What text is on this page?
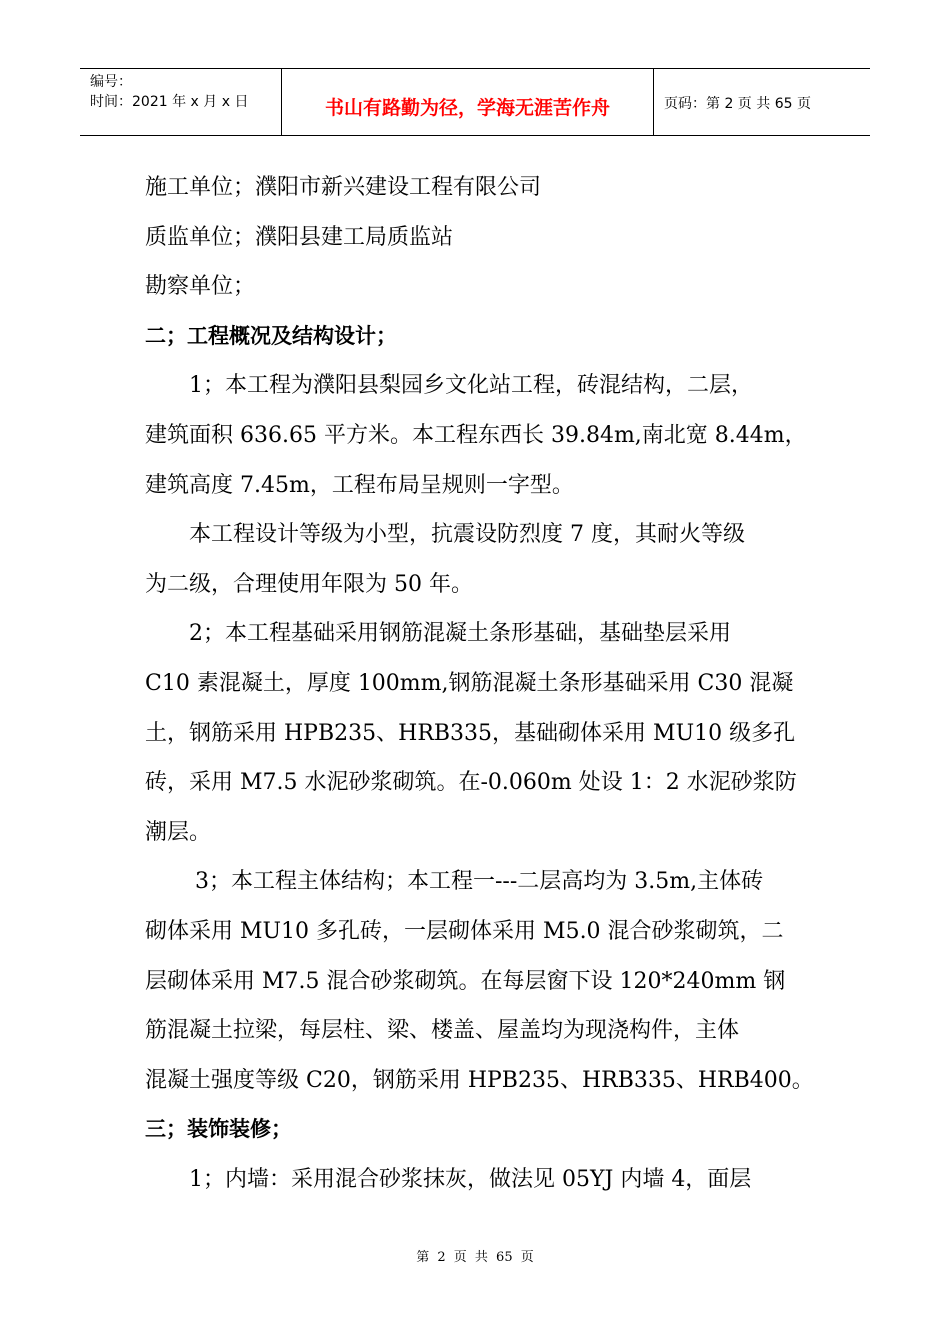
编号：
时间：2021 年 x 月 x 日	书山有路勤为径，学海无涯苦作舟	页码：第 2 页 共 65 页
施工单位；濮阳市新兴建设工程有限公司
质监单位；濮阳县建工局质监站
勘察单位；
二；工程概况及结构设计；
1；本工程为濮阳县梨园乡文化站工程，砖混结构，二层，
建筑面积 636.65 平方米。本工程东西长 39.84m,南北宽 8.44m，
建筑高度 7.45m，工程布局呈规则一字型。
本工程设计等级为小型，抗震设防烈度 7 度，其耐火等级
为二级，合理使用年限为 50 年。
2；本工程基础采用钢筋混凝土条形基础，基础垫层采用
C10 素混凝土，厚度 100mm,钢筋混凝土条形基础采用 C30 混凝
土，钢筋采用 HPB235、HRB335，基础砌体采用 MU10 级多孔
砖，采用 M7.5 水泥砂浆砌筑。在-0.060m 处设 1：2 水泥砂浆防
潮层。
3；本工程主体结构；本工程一---二层高均为 3.5m,主体砖
砌体采用 MU10 多孔砖，一层砌体采用 M5.0 混合砂浆砌筑，二
层砌体采用 M7.5 混合砂浆砌筑。在每层窗下设 120*240mm 钢
筋混凝土拉梁，每层柱、梁、楼盖、屋盖均为现浇构件，主体
混凝土强度等级 C20，钢筋采用 HPB235、HRB335、HRB400。
三；装饰装修；
1；内墙：采用混合砂浆抹灰，做法见 05YJ 内墙 4，面层
第 2 页 共 65 页
